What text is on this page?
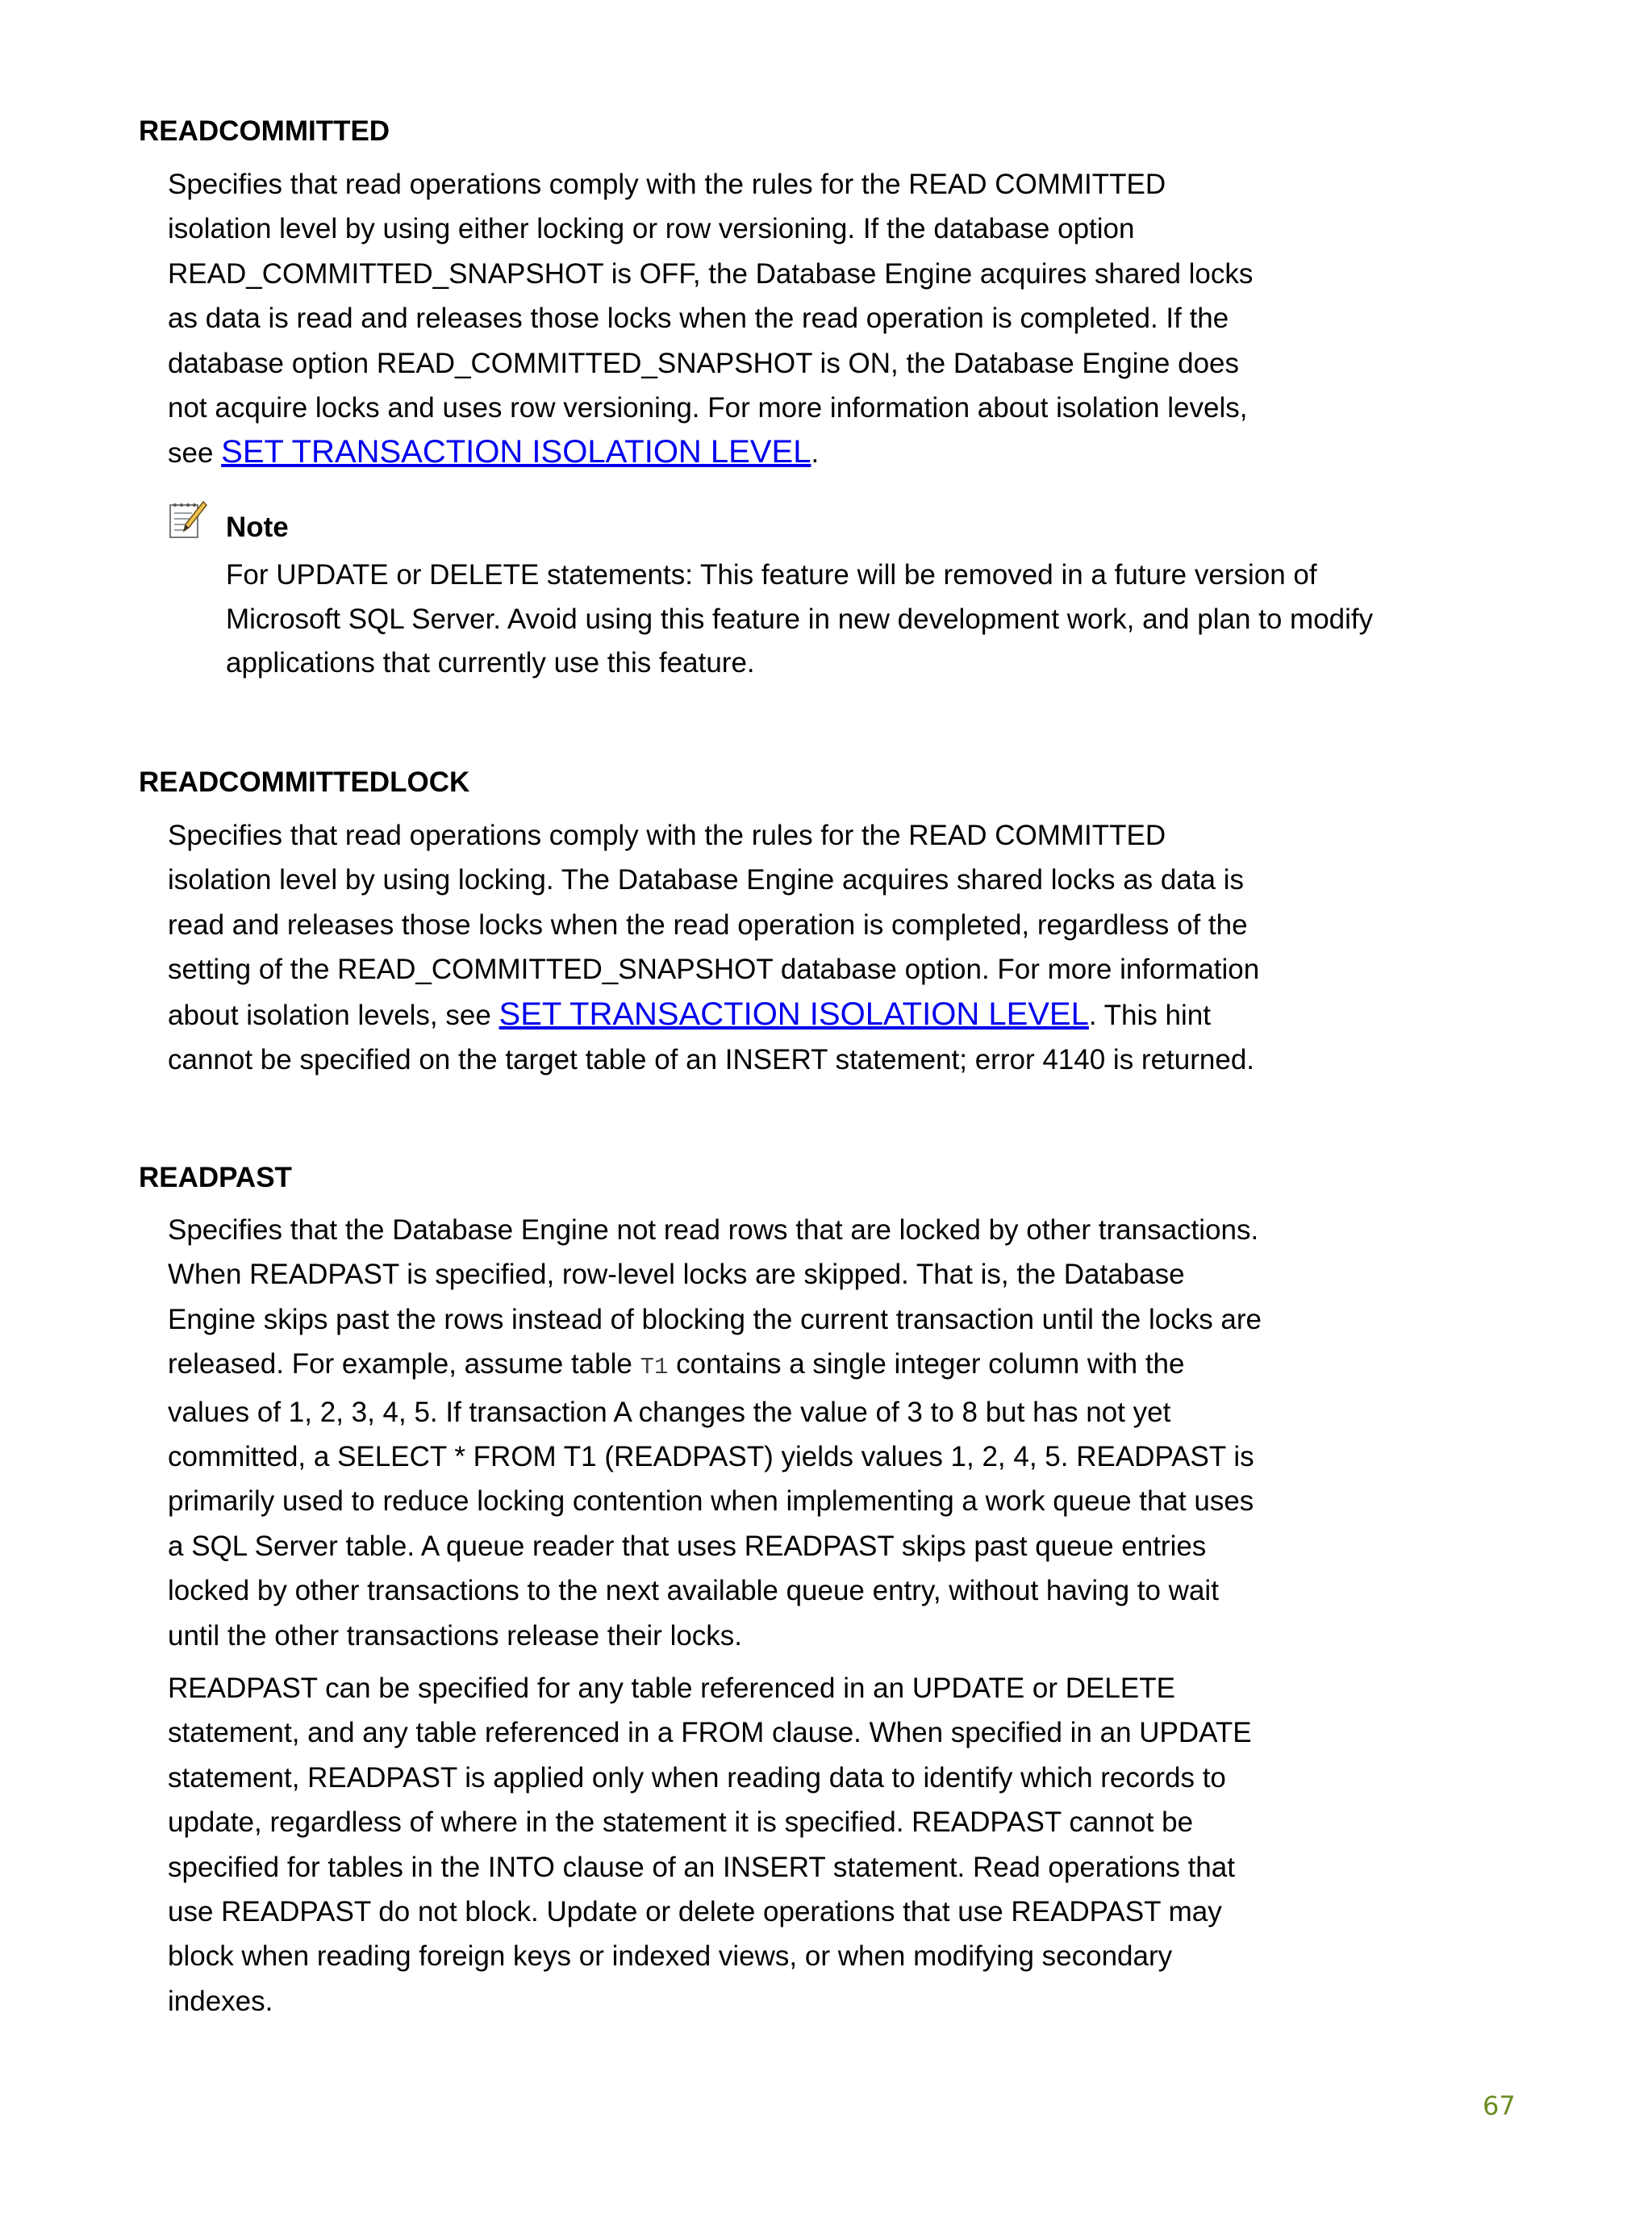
READCOMMITTED

Specifies that read operations comply with the rules for the READ COMMITTED
isolation level by using either locking or row versioning. If the database option
READ_COMMITTED_SNAPSHOT is OFF, the Database Engine acquires shared locks
as data is read and releases those locks when the read operation is completed. If the
database option READ_COMMITTED_SNAPSHOT is ON, the Database Engine does
not acquire locks and uses row versioning. For more information about isolation levels,
see SET TRANSACTION ISOLATION LEVEL.

Note

For UPDATE or DELETE statements: This feature will be removed in a future version of
Microsoft SQL Server. Avoid using this feature in new development work, and plan to modify
applications that currently use this feature.

READCOMMITTEDLOCK

Specifies that read operations comply with the rules for the READ COMMITTED
isolation level by using locking. The Database Engine acquires shared locks as data is
read and releases those locks when the read operation is completed, regardless of the
setting of the READ_COMMITTED_SNAPSHOT database option. For more information
about isolation levels, see SET TRANSACTION ISOLATION LEVEL. This hint
cannot be specified on the target table of an INSERT statement; error 4140 is returned.

READPAST

Specifies that the Database Engine not read rows that are locked by other transactions.
When READPAST is specified, row-level locks are skipped. That is, the Database
Engine skips past the rows instead of blocking the current transaction until the locks are
released. For example, assume table T1 contains a single integer column with the
values of 1, 2, 3, 4, 5. If transaction A changes the value of 3 to 8 but has not yet
committed, a SELECT * FROM T1 (READPAST) yields values 1, 2, 4, 5. READPAST is
primarily used to reduce locking contention when implementing a work queue that uses
a SQL Server table. A queue reader that uses READPAST skips past queue entries
locked by other transactions to the next available queue entry, without having to wait
until the other transactions release their locks.

READPAST can be specified for any table referenced in an UPDATE or DELETE
statement, and any table referenced in a FROM clause. When specified in an UPDATE
statement, READPAST is applied only when reading data to identify which records to
update, regardless of where in the statement it is specified. READPAST cannot be
specified for tables in the INTO clause of an INSERT statement. Read operations that
use READPAST do not block. Update or delete operations that use READPAST may
block when reading foreign keys or indexed views, or when modifying secondary
indexes.

67
